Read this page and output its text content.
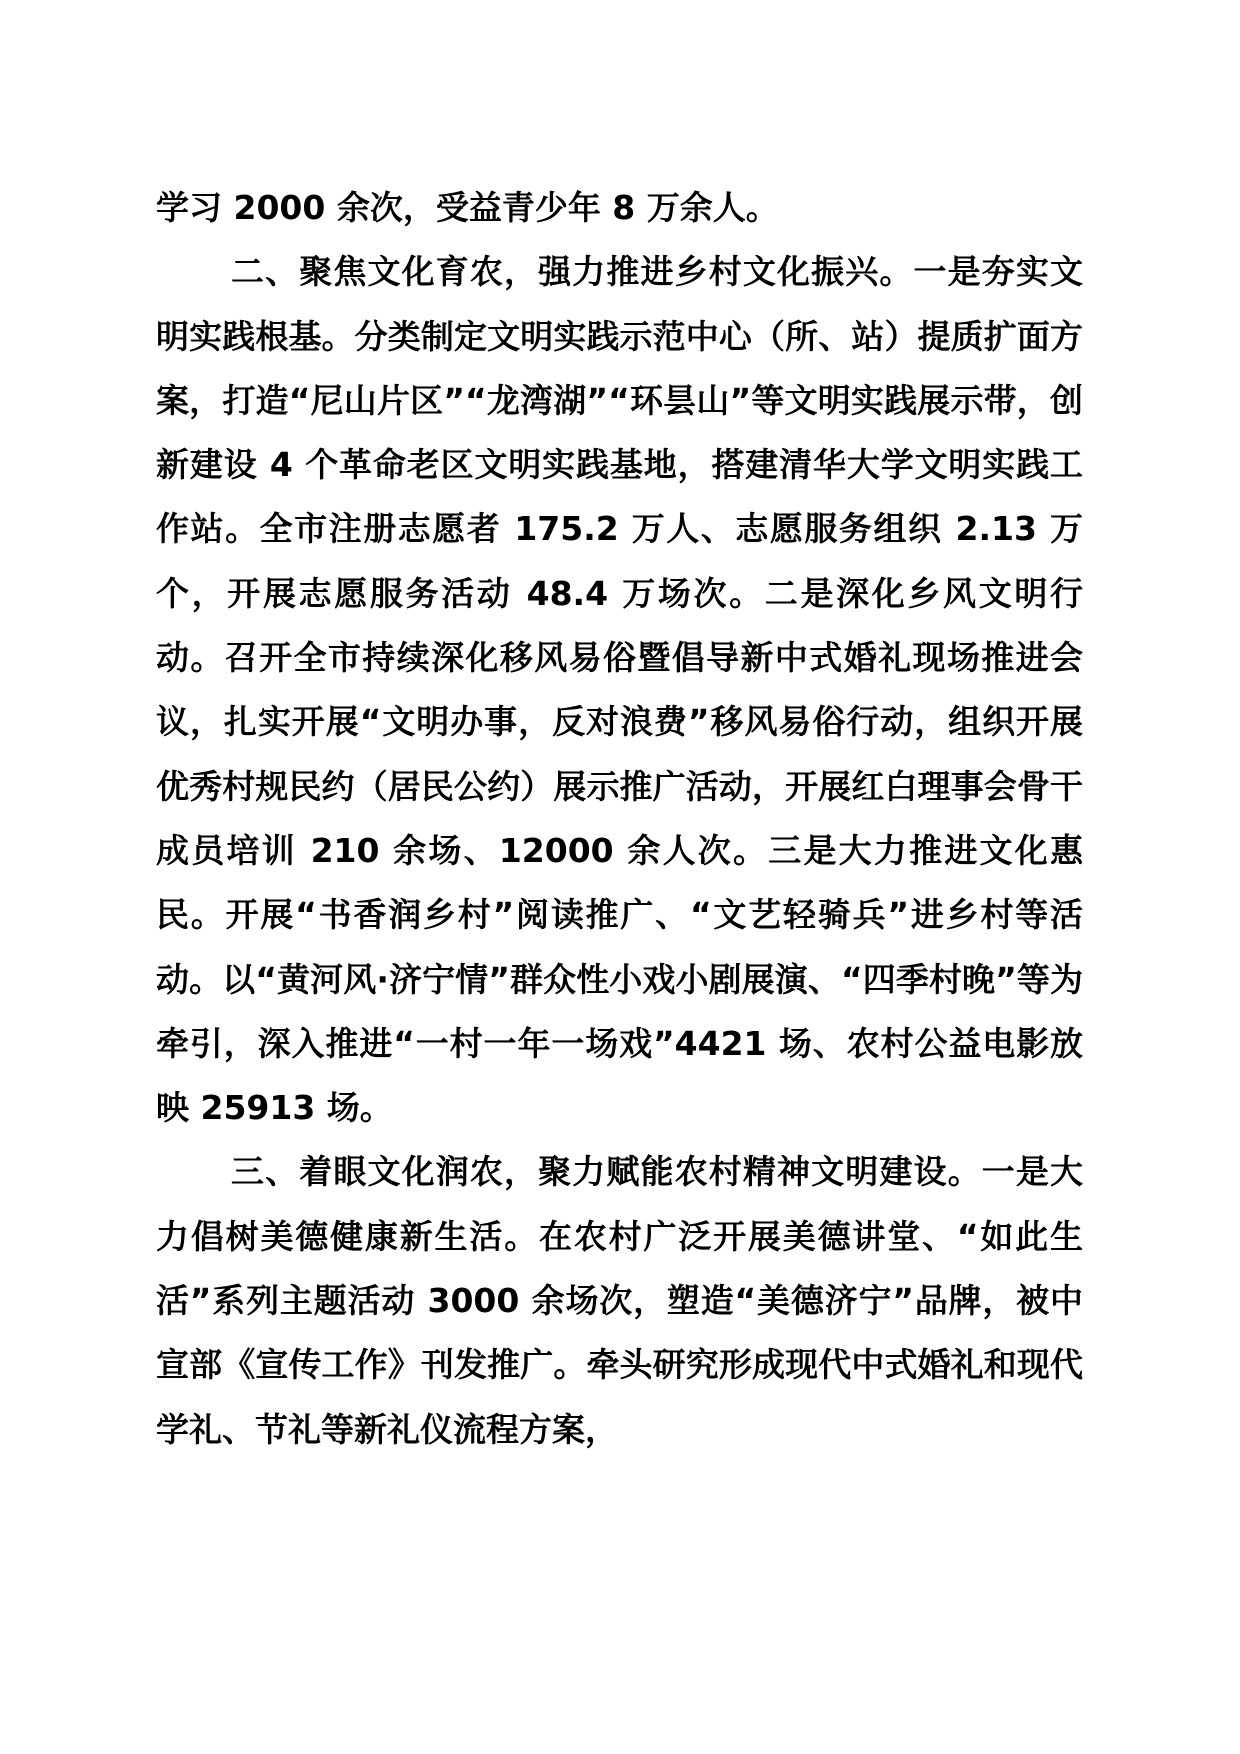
学习 2000 余次，受益青少年 8 万余人。

二、聚焦文化育农，强力推进乡村文化振兴。一是夯实文明实践根基。分类制定文明实践示范中心（所、站）提质扩面方案，打造“尼山片区”“龙湾湖”“环昙山”等文明实践展示带，创新建设 4 个革命老区文明实践基地，搭建清华大学文明实践工作站。全市注册志愿者 175.2 万人、志愿服务组织 2.13 万个，开展志愿服务活动 48.4 万场次。二是深化乡风文明行动。召开全市持续深化移风易俗暨倡导新中式婚礼现场推进会议，扎实开展“文明办事，反对浪费”移风易俗行动，组织开展优秀村规民约（居民公约）展示推广活动，开展红白理事会骨干成员培训 210 余场、12000 余人次。三是大力推进文化惠民。开展“书香润乡村”阅读推广、“文艺轻骑兵”进乡村等活动。以“黄河风·济宁情”群众性小戏小剧展演、“四季村晚”等为牵引，深入推进“一村一年一场戏”4421 场、农村公益电影放映 25913 场。

三、着眼文化润农，聚力赋能农村精神文明建设。一是大力倡树美德健康新生活。在农村广泛开展美德讲堂、“如此生活”系列主题活动 3000 余场次，塑造“美德济宁”品牌，被中宣部《宣传工作》刊发推广。牵头研究形成现代中式婚礼和现代学礼、节礼等新礼仪流程方案，
